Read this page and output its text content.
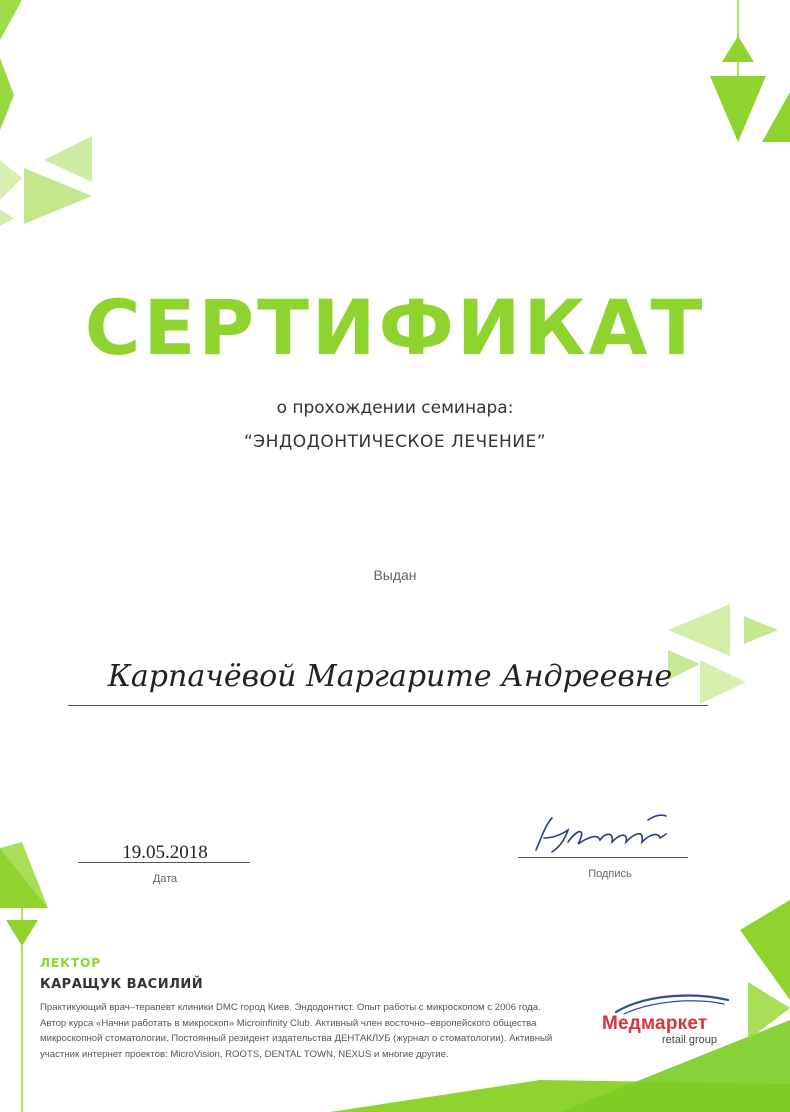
СЕРТИФИКАТ
о прохождении семинара:
“ЭНДОДОНТИЧЕСКОЕ ЛЕЧЕНИЕ”
Выдан
Карпачёвой Маргарите Андреевне
19.05.2018
Дата	Подпись
ЛЕКТОР
КАРАЩУК ВАСИЛИЙ
Практикующий врач–терапевт клиники DMC город Киев. Эндодонтист. Опыт работы с микроскопом с 2006 года.
Автор курса «Начни работать в микроскоп» Microinfinity Club. Активный член восточно–европейского общества
микроскопной стоматологии. Постоянный резидент издательства ДЕНТАКЛУБ (журнал о стоматологии). Активный
участник интернет проектов: MicroVision, ROOTS, DENTAL TOWN, NEXUS и многие другие.
Медмаркет
retail group
